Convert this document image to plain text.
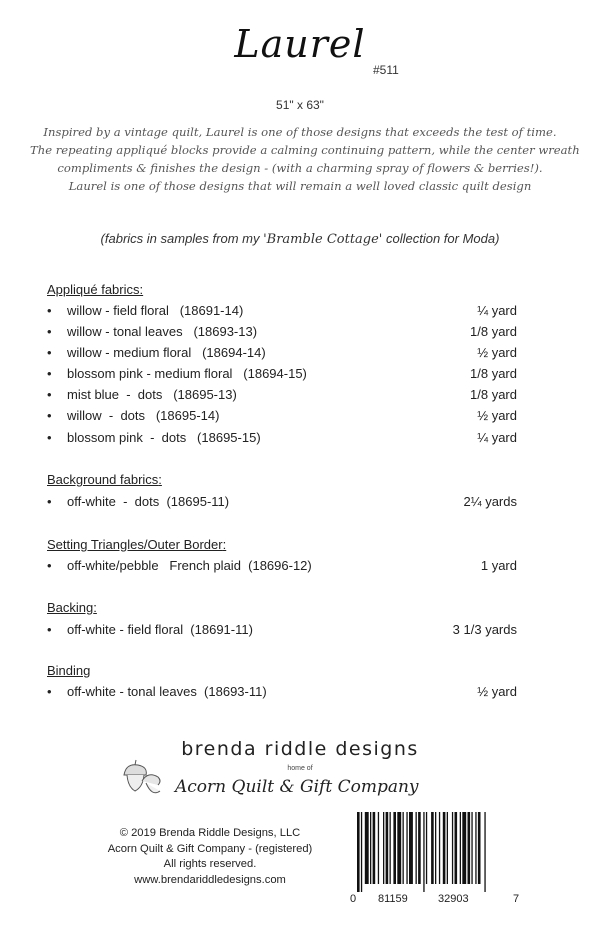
Laurel
#511
51" x 63"
Inspired by a vintage quilt, Laurel is one of those designs that exceeds the test of time.
The repeating appliqué blocks provide a calming continuing pattern, while the center wreath
compliments & finishes the design - (with a charming spray of flowers & berries!).
Laurel is one of those designs that will remain a well loved classic quilt design
(fabrics in samples from my 'Bramble Cottage' collection for Moda)
Appliqué fabrics:
• willow - field floral   (18691-14)	¼ yard
• willow - tonal leaves   (18693-13)	1/8 yard
• willow - medium floral   (18694-14)	½ yard
• blossom pink - medium floral   (18694-15)	1/8 yard
• mist blue  -  dots   (18695-13)	1/8 yard
• willow  -  dots   (18695-14)	½ yard
• blossom pink  -  dots   (18695-15)	¼ yard
Background fabrics:
• off-white  -  dots  (18695-11)	2¼ yards
Setting Triangles/Outer Border:
• off-white/pebble   French plaid  (18696-12)	1 yard
Backing:
• off-white - field floral  (18691-11)	3 1/3 yards
Binding
• off-white - tonal leaves  (18693-11)	½ yard
brenda riddle designs
home of
Acorn Quilt & Gift Company
© 2019 Brenda Riddle Designs, LLC
Acorn Quilt & Gift Company - (registered)
All rights reserved.
www.brendariddledesigns.com
0 81159	32903	7
